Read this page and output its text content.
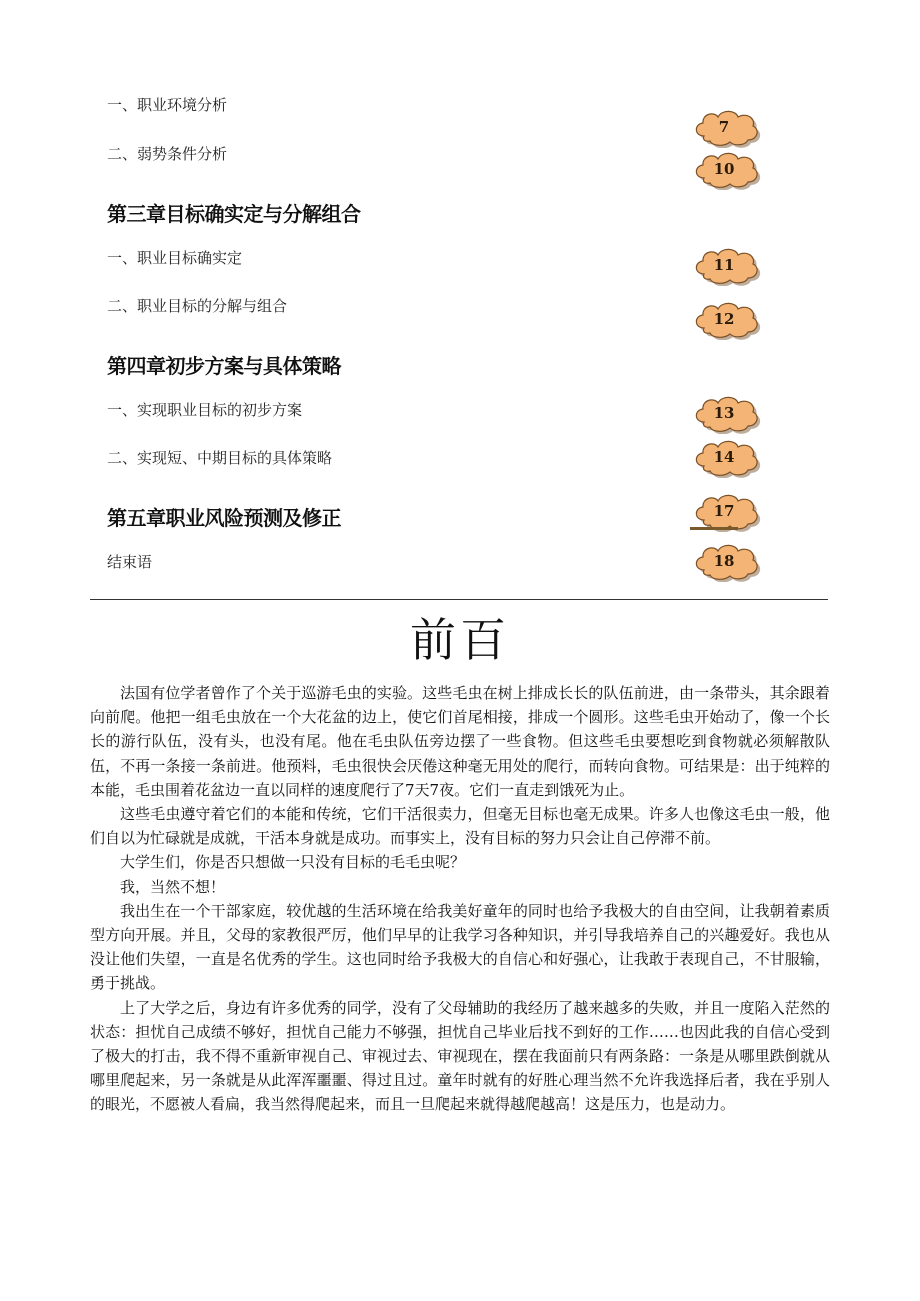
一、职业环境分析
二、弱势条件分析
第三章目标确实定与分解组合
一、职业目标确实定
二、职业目标的分解与组合
第四章初步方案与具体策略
一、实现职业目标的初步方案
二、实现短、中期目标的具体策略
第五章职业风险预测及修正
结束语
7
10
11
12
13
14
17
18
前百

法国有位学者曾作了个关于巡游毛虫的实验。这些毛虫在树上排成长长的队伍前进，由一条带头，其余跟着向前爬。他把一组毛虫放在一个大花盆的边上，使它们首尾相接，排成一个圆形。这些毛虫开始动了，像一个长长的游行队伍，没有头，也没有尾。他在毛虫队伍旁边摆了一些食物。但这些毛虫要想吃到食物就必须解散队伍，不再一条接一条前进。他预料，毛虫很快会厌倦这种毫无用处的爬行，而转向食物。可结果是：出于纯粹的本能，毛虫围着花盆边一直以同样的速度爬行了7天7夜。它们一直走到饿死为止。

这些毛虫遵守着它们的本能和传统，它们干活很卖力，但毫无目标也毫无成果。许多人也像这毛虫一般，他们自以为忙碌就是成就，干活本身就是成功。而事实上，没有目标的努力只会让自己停滞不前。

大学生们，你是否只想做一只没有目标的毛毛虫呢？

我，当然不想！

我出生在一个干部家庭，较优越的生活环境在给我美好童年的同时也给予我极大的自由空间，让我朝着素质型方向开展。并且，父母的家教很严厉，他们早早的让我学习各种知识，并引导我培养自己的兴趣爱好。我也从没让他们失望，一直是名优秀的学生。这也同时给予我极大的自信心和好强心，让我敢于表现自己，不甘服输，勇于挑战。

上了大学之后，身边有许多优秀的同学，没有了父母辅助的我经历了越来越多的失败，并且一度陷入茫然的状态：担忧自己成绩不够好，担忧自己能力不够强，担忧自己毕业后找不到好的工作……也因此我的自信心受到了极大的打击，我不得不重新审视自己、审视过去、审视现在，摆在我面前只有两条路：一条是从哪里跌倒就从哪里爬起来，另一条就是从此浑浑噩噩、得过且过。童年时就有的好胜心理当然不允许我选择后者，我在乎别人的眼光，不愿被人看扁，我当然得爬起来，而且一旦爬起来就得越爬越高！这是压力，也是动力。
